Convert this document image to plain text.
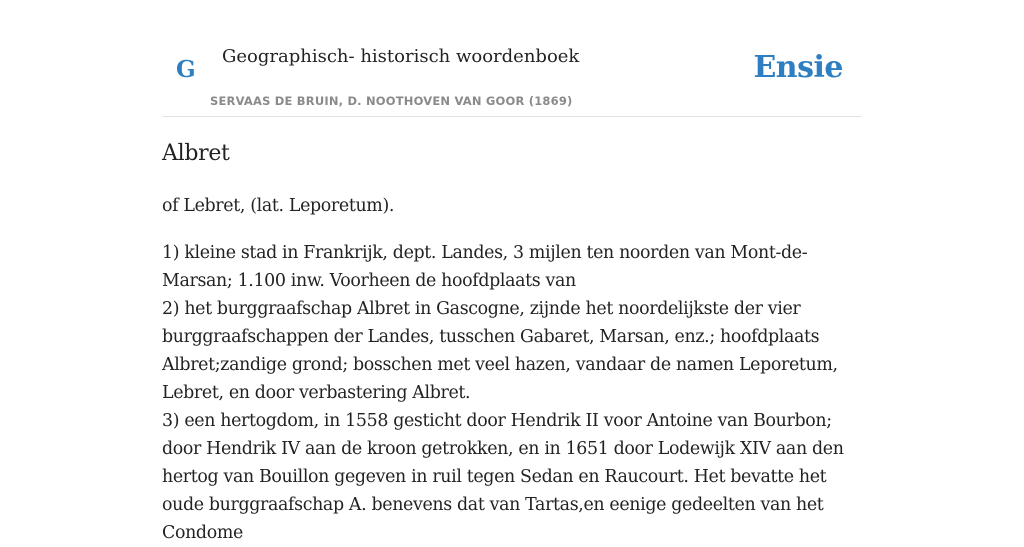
G Geographisch- historisch woordenboek
SERVAAS DE BRUIN, D. NOOTHOVEN VAN GOOR (1869)
Ensie
Albret

of Lebret, (lat. Leporetum).

1) kleine stad in Frankrijk, dept. Landes, 3 mijlen ten noorden van Mont-de-Marsan; 1.100 inw. Voorheen de hoofdplaats van
2) het burggraafschap Albret in Gascogne, zijnde het noordelijkste der vier burggraafschappen der Landes, tusschen Gabaret, Marsan, enz.; hoofdplaats Albret;zandige grond; bosschen met veel hazen, vandaar de namen Leporetum, Lebret, en door verbastering Albret.
3) een hertogdom, in 1558 gesticht door Hendrik II voor Antoine van Bourbon; door Hendrik IV aan de kroon getrokken, en in 1651 door Lodewijk XIV aan den hertog van Bouillon gegeven in ruil tegen Sedan en Raucourt. Het bevatte het oude burggraafschap A. benevens dat van Tartas,en eenige gedeelten van het Condome
